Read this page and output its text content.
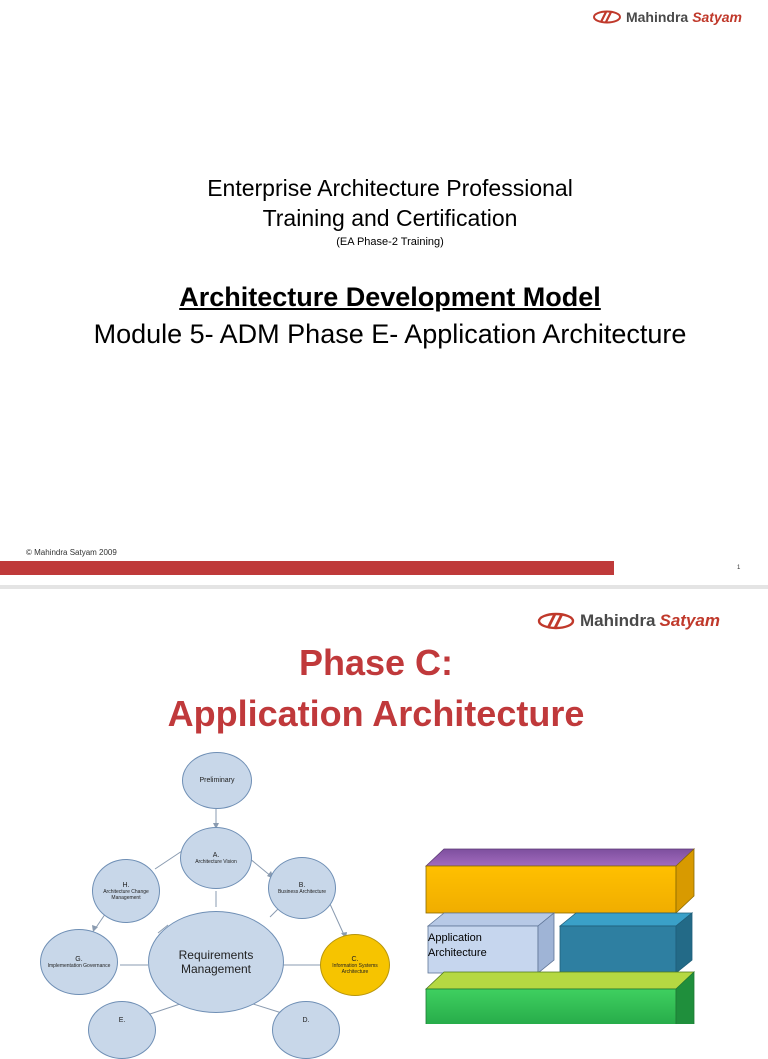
Mahindra Satyam
Enterprise Architecture Professional
Training and Certification
(EA Phase-2 Training)
Architecture Development Model
Module 5- ADM Phase E- Application Architecture
© Mahindra Satyam 2009
1
Mahindra Satyam
Phase C:
Application Architecture
Preliminary
A.
Architecture Vision
B.
Business Architecture
C.
Information Systems Architecture
H.
Architecture Change Management
G.
Implementation Governance
Requirements Management
E.	D.
Application Architecture
